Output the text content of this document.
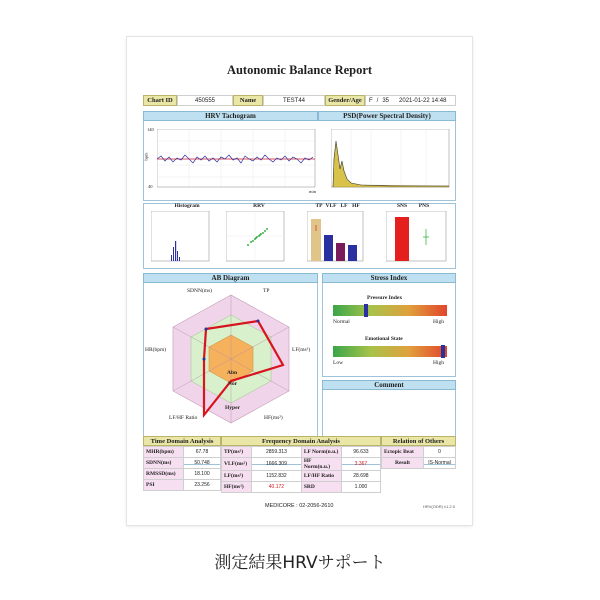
Autonomic Balance Report
Chart ID	450555	Name	TEST44	Gender/Age	F / 35 2021-01-22 14:48
HRV Tachogram	PSD(Power Spectral Density)
140
40
bpm
min
Histogram	RRV	TP VLF LF HF	SNS	PNS
AB Diagram
SDNN(ms)	TP
LF(ms²)
HF(ms²)
LF/HF Ratio
HR(bpm)
Abn
Nor
Hyper
Stress Index
Pressure Index
Normal	High
Emotional State
Low	High
Comment
Time Domain Analysis	Frequency Domain Analysis	Relation of Others
MHR(bpm)	67.78
SDNN(ms)	50.748
RMSSD(ms)	18.100
PSI	23.256
TP(ms²)	2859.313	LF Norm(n.u.)	96.633
VLF(ms²)	1666.309	HF Norm(n.u.)	3.367
LF(ms²)	1152.832	LF/HF Ratio	28.698
HF(ms²)	40.172	SRD	1.000
Ectopic Beat	0
Result	IS-Normal
MEDICORE : 02-2056-2610	HRV(ODR) v1.2.0
測定結果HRVサポート
